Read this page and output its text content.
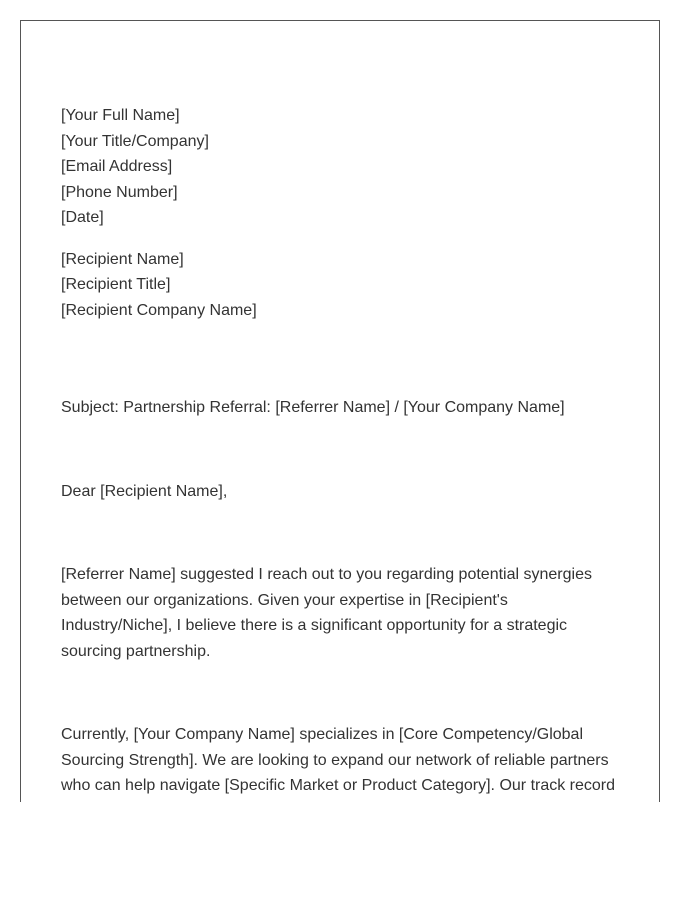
[Your Full Name]
[Your Title/Company]
[Email Address]
[Phone Number]
[Date]
[Recipient Name]
[Recipient Title]
[Recipient Company Name]
Subject: Partnership Referral: [Referrer Name] / [Your Company Name]
Dear [Recipient Name],
[Referrer Name] suggested I reach out to you regarding potential synergies
between our organizations. Given your expertise in [Recipient's
Industry/Niche], I believe there is a significant opportunity for a strategic
sourcing partnership.
Currently, [Your Company Name] specializes in [Core Competency/Global
Sourcing Strength]. We are looking to expand our network of reliable partners
who can help navigate [Specific Market or Product Category]. Our track record
